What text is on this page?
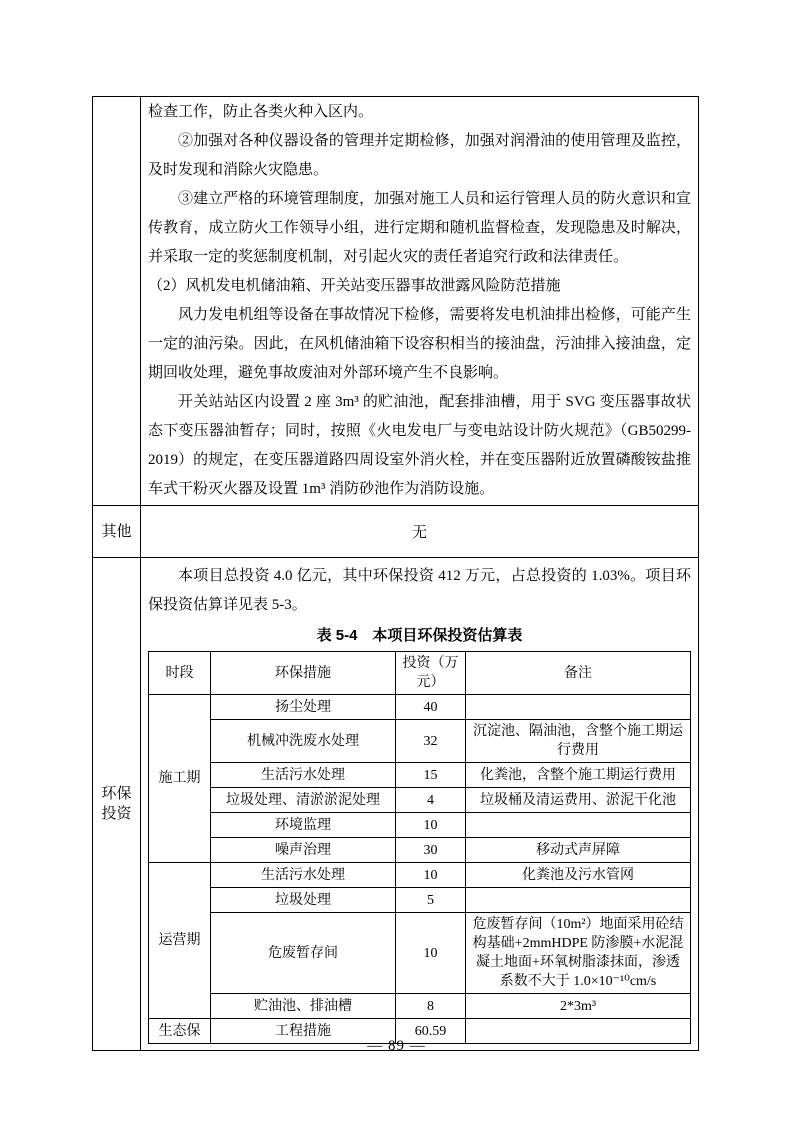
检查工作，防止各类火种入区内。

②加强对各种仪器设备的管理并定期检修，加强对润滑油的使用管理及监控，及时发现和消除火灾隐患。

③建立严格的环境管理制度，加强对施工人员和运行管理人员的防火意识和宣传教育，成立防火工作领导小组，进行定期和随机监督检查，发现隐患及时解决，并采取一定的奖惩制度机制，对引起火灾的责任者追究行政和法律责任。

（2）风机发电机储油箱、开关站变压器事故泄露风险防范措施

风力发电机组等设备在事故情况下检修，需要将发电机油排出检修，可能产生一定的油污染。因此，在风机储油箱下设容积相当的接油盘，污油排入接油盘，定期回收处理，避免事故废油对外部环境产生不良影响。

开关站站区内设置 2 座 3m³ 的贮油池，配套排油槽，用于 SVG 变压器事故状态下变压器油暂存；同时，按照《火电发电厂与变电站设计防火规范》（GB50299-2019）的规定，在变压器道路四周设室外消火栓，并在变压器附近放置磷酸铵盐推车式干粉灭火器及设置 1m³ 消防砂池作为消防设施。

其他	无
环保投资

本项目总投资 4.0 亿元，其中环保投资 412 万元，占总投资的 1.03%。项目环保投资估算详见表 5-3。

表 5-4　本项目环保投资估算表
时段	环保措施	投资（万元）	备注
施工期	扬尘处理	40	
	机械冲洗废水处理	32	沉淀池、隔油池，含整个施工期运行费用
	生活污水处理	15	化粪池，含整个施工期运行费用
	垃圾处理、清淤淤泥处理	4	垃圾桶及清运费用、淤泥干化池
	环境监理	10	
	噪声治理	30	移动式声屏障
运营期	生活污水处理	10	化粪池及污水管网
	垃圾处理	5	
	危废暂存间	10	危废暂存间（10m²）地面采用砼结构基础+2mmHDPE 防渗膜+水泥混凝土地面+环氧树脂漆抹面，渗透系数不大于 1.0×10⁻¹⁰cm/s
	贮油池、排油槽	8	2*3m³
生态保	工程措施	60.59	
— 89 —
